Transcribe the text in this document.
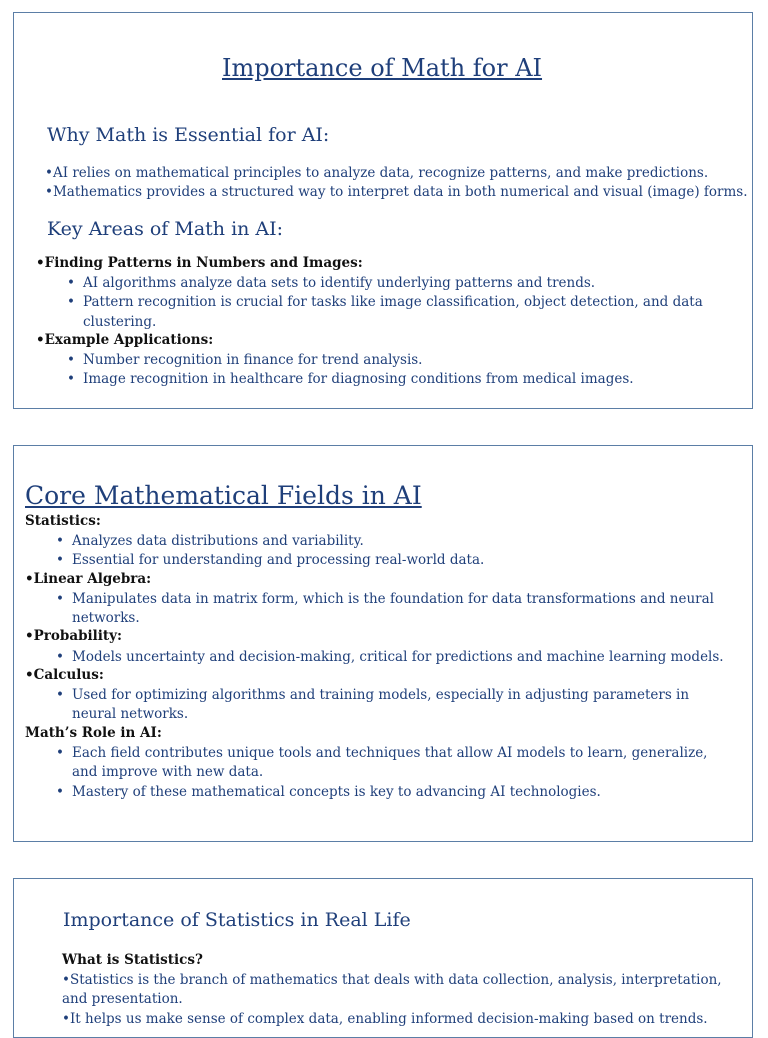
Importance of Math for AI
Why Math is Essential for AI:
•AI relies on mathematical principles to analyze data, recognize patterns, and make predictions.
•Mathematics provides a structured way to interpret data in both numerical and visual (image) forms.
Key Areas of Math in AI:
•Finding Patterns in Numbers and Images:
• AI algorithms analyze data sets to identify underlying patterns and trends.
• Pattern recognition is crucial for tasks like image classification, object detection, and data clustering.
•Example Applications:
• Number recognition in finance for trend analysis.
• Image recognition in healthcare for diagnosing conditions from medical images.
Core Mathematical Fields in AI
Statistics:
• Analyzes data distributions and variability.
• Essential for understanding and processing real-world data.
•Linear Algebra:
• Manipulates data in matrix form, which is the foundation for data transformations and neural networks.
•Probability:
• Models uncertainty and decision-making, critical for predictions and machine learning models.
•Calculus:
• Used for optimizing algorithms and training models, especially in adjusting parameters in neural networks.
Math’s Role in AI:
• Each field contributes unique tools and techniques that allow AI models to learn, generalize, and improve with new data.
• Mastery of these mathematical concepts is key to advancing AI technologies.
Importance of Statistics in Real Life
What is Statistics?
•Statistics is the branch of mathematics that deals with data collection, analysis, interpretation, and presentation.
•It helps us make sense of complex data, enabling informed decision-making based on trends.
